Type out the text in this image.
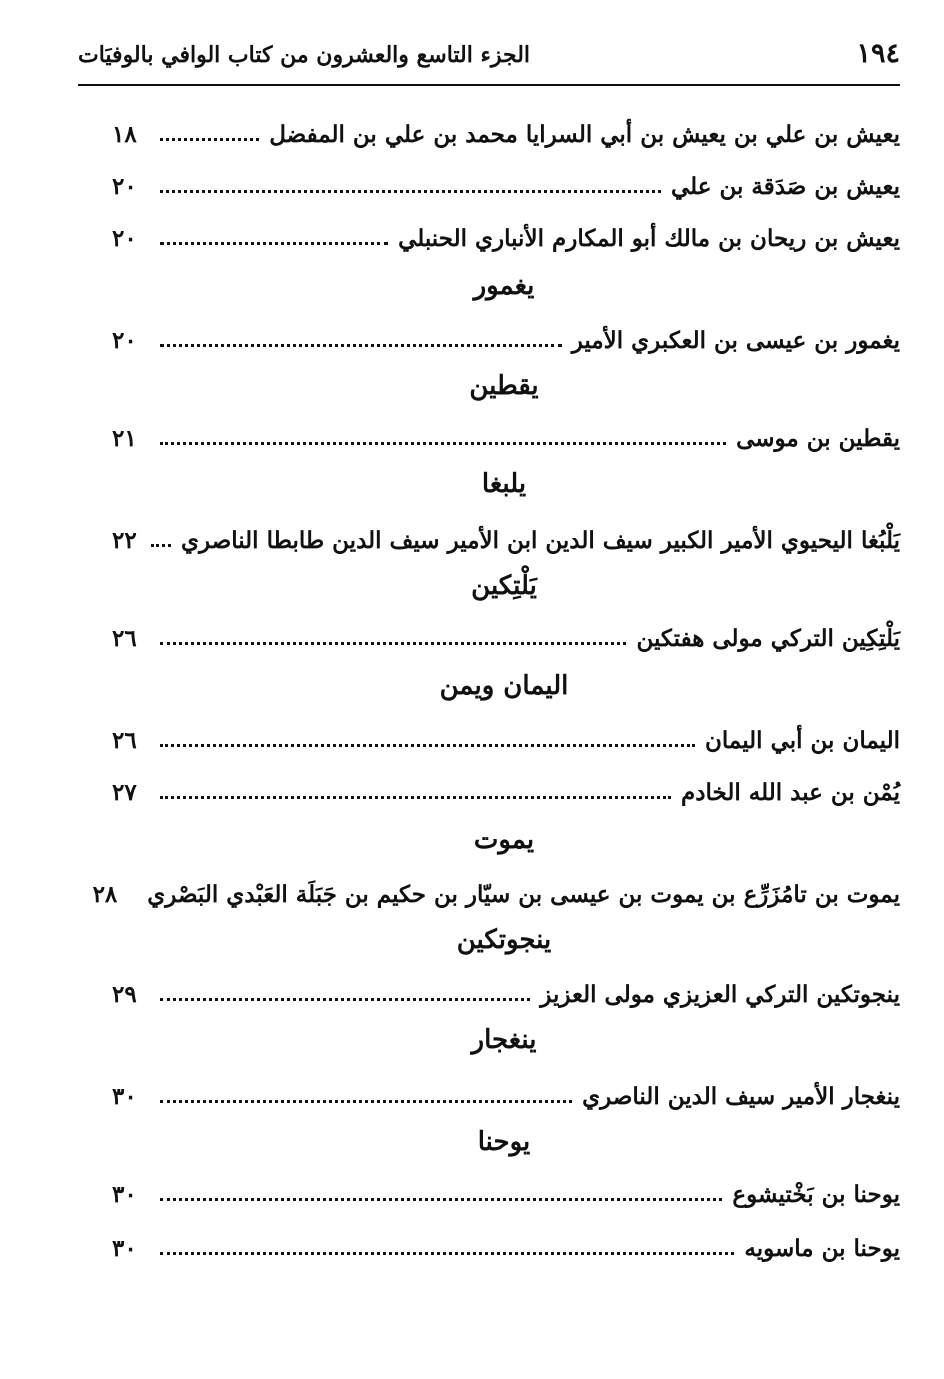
١٩٤
الجزء التاسع والعشرون من كتاب الوافي بالوفيَات
يعيش بن علي بن يعيش بن أبي السرايا محمد بن علي بن المفضل
١٨
يعيش بن صَدَقة بن علي
٢٠
يعيش بن ريحان بن مالك أبو المكارم الأنباري الحنبلي
٢٠
يغمور
يغمور بن عيسى بن العكبري الأمير
٢٠
يقطين
يقطين بن موسى
٢١
يلبغا
يَلْبُغا اليحيوي الأمير الكبير سيف الدين ابن الأمير سيف الدين طابطا الناصري
٢٢
يَلْتِكين
يَلْتِكِين التركي مولى هفتكين
٢٦
اليمان ويمن
اليمان بن أبي اليمان
٢٦
يُمْن بن عبد الله الخادم
٢٧
يموت
يموت بن تامُزَرِّع بن يموت بن عيسى بن سيّار بن حكيم بن جَبَلَة العَبْدي البَصْري
٢٨
ينجوتكين
ينجوتكين التركي العزيزي مولى العزيز
٢٩
ينغجار
ينغجار الأمير سيف الدين الناصري
٣٠
يوحنا
يوحنا بن بَخْتيشوع
٣٠
يوحنا بن ماسويه
٣٠
